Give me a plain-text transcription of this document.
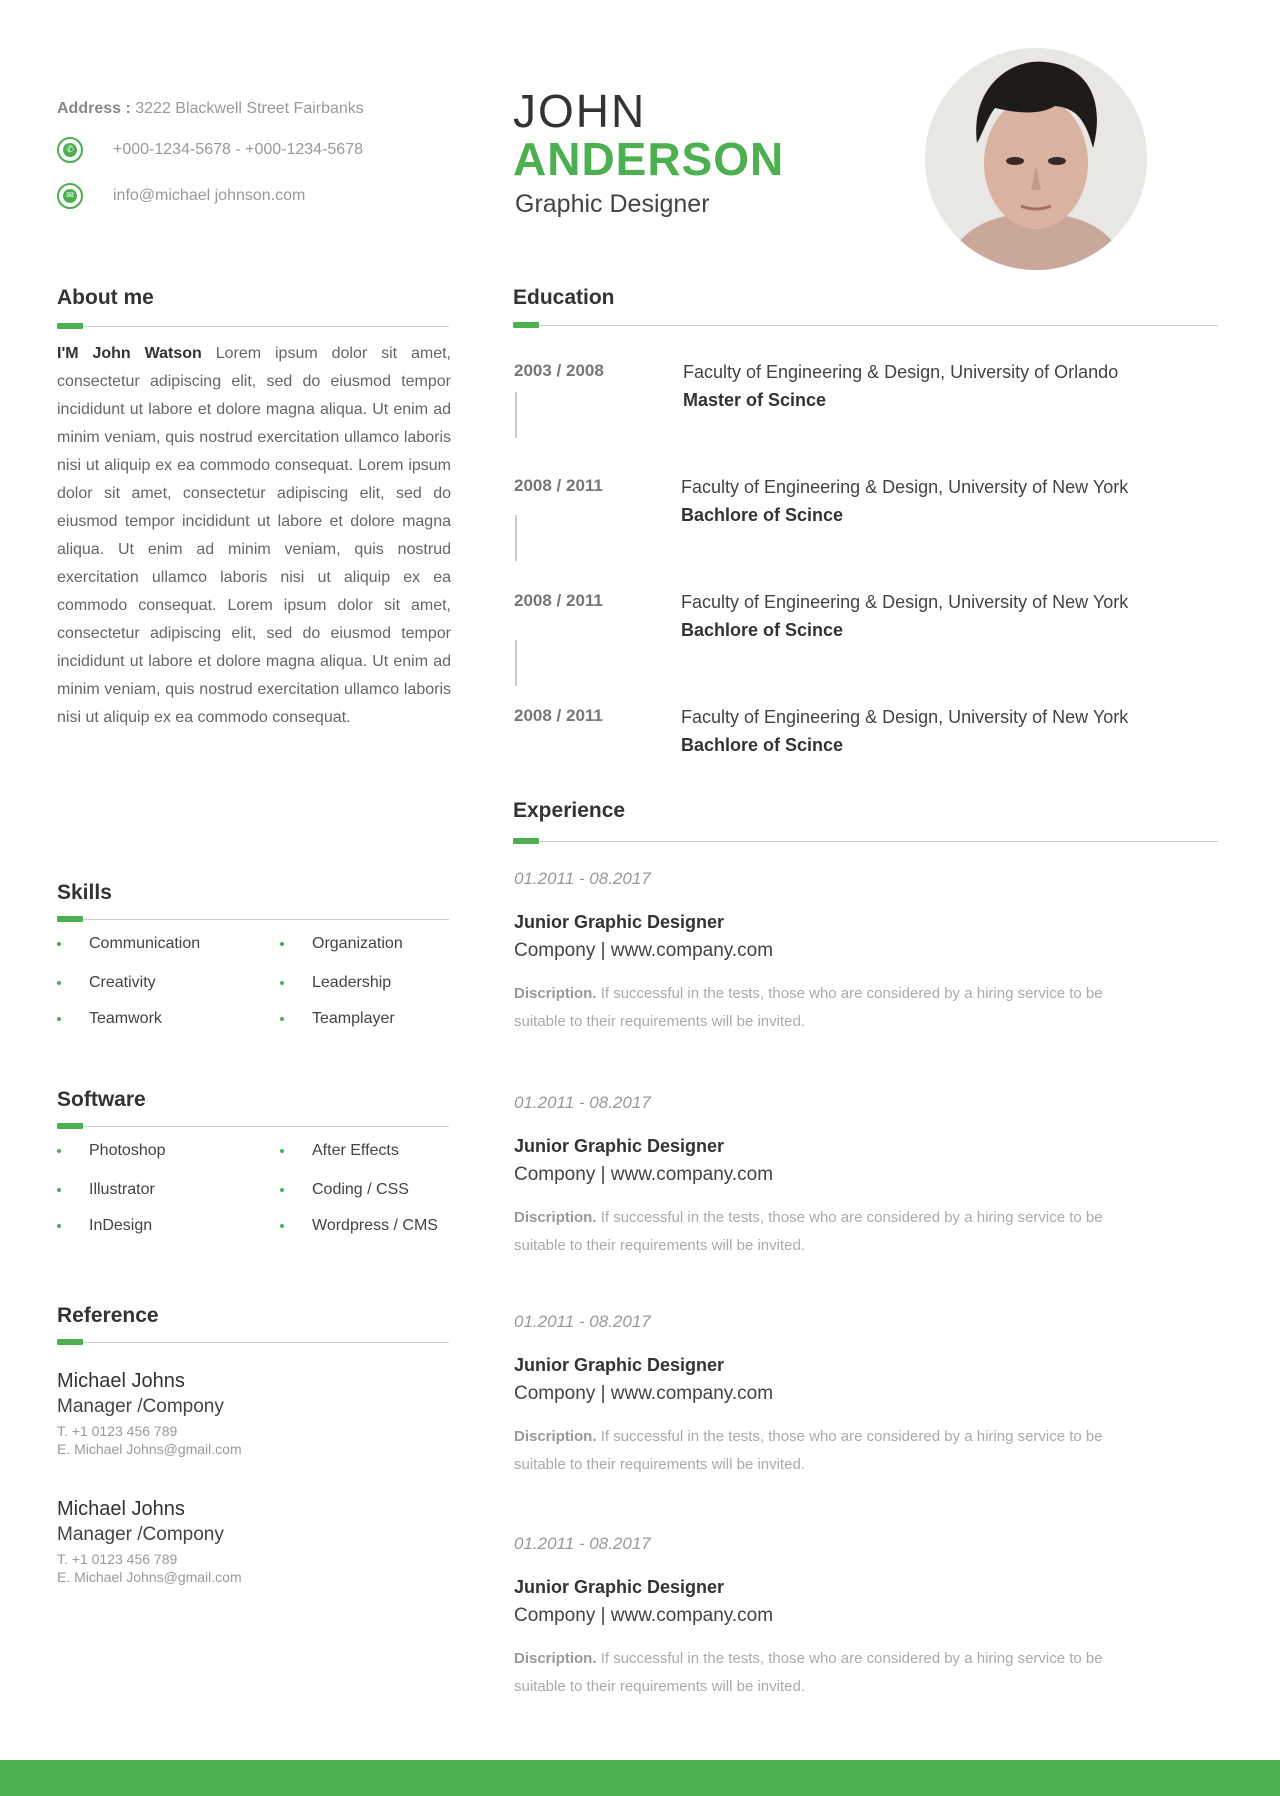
Address : 3222 Blackwell Street Fairbanks
✆ +000-1234-5678 - +000-1234-5678
✉ info@michael johnson.com
JOHN
ANDERSON
Graphic Designer
About me
I'M John Watson Lorem ipsum dolor sit amet, consectetur adipiscing elit, sed do eiusmod tempor incididunt ut labore et dolore magna aliqua. Ut enim ad minim veniam, quis nostrud exercitation ullamco laboris nisi ut aliquip ex ea commodo consequat. Lorem ipsum dolor sit amet, consectetur adipiscing elit, sed do eiusmod tempor incididunt ut labore et dolore magna aliqua. Ut enim ad minim veniam, quis nostrud exercitation ullamco laboris nisi ut aliquip ex ea commodo consequat. Lorem ipsum dolor sit amet, consectetur adipiscing elit, sed do eiusmod tempor incididunt ut labore et dolore magna aliqua. Ut enim ad minim veniam, quis nostrud exercitation ullamco laboris nisi ut aliquip ex ea commodo consequat.
Skills
Communication	Organization
Creativity	Leadership
Teamwork	Teamplayer
Software
Photoshop	After Effects
Illustrator	Coding / CSS
InDesign	Wordpress / CMS
Reference
Michael Johns
Manager /Compony
T. +1 0123 456 789
E. Michael Johns@gmail.com
Michael Johns
Manager /Compony
T. +1 0123 456 789
E. Michael Johns@gmail.com
Education
2003 / 2008	Faculty of Engineering & Design, University of Orlando
Master of Scince
2008 / 2011	Faculty of Engineering & Design, University of New York
Bachlore of Scince
2008 / 2011	Faculty of Engineering & Design, University of New York
Bachlore of Scince
2008 / 2011	Faculty of Engineering & Design, University of New York
Bachlore of Scince
Experience
01.2011 - 08.2017
Junior Graphic Designer
Compony | www.company.com
Discription. If successful in the tests, those who are considered by a hiring service to be suitable to their requirements will be invited.
01.2011 - 08.2017
Junior Graphic Designer
Compony | www.company.com
Discription. If successful in the tests, those who are considered by a hiring service to be suitable to their requirements will be invited.
01.2011 - 08.2017
Junior Graphic Designer
Compony | www.company.com
Discription. If successful in the tests, those who are considered by a hiring service to be suitable to their requirements will be invited.
01.2011 - 08.2017
Junior Graphic Designer
Compony | www.company.com
Discription. If successful in the tests, those who are considered by a hiring service to be suitable to their requirements will be invited.
